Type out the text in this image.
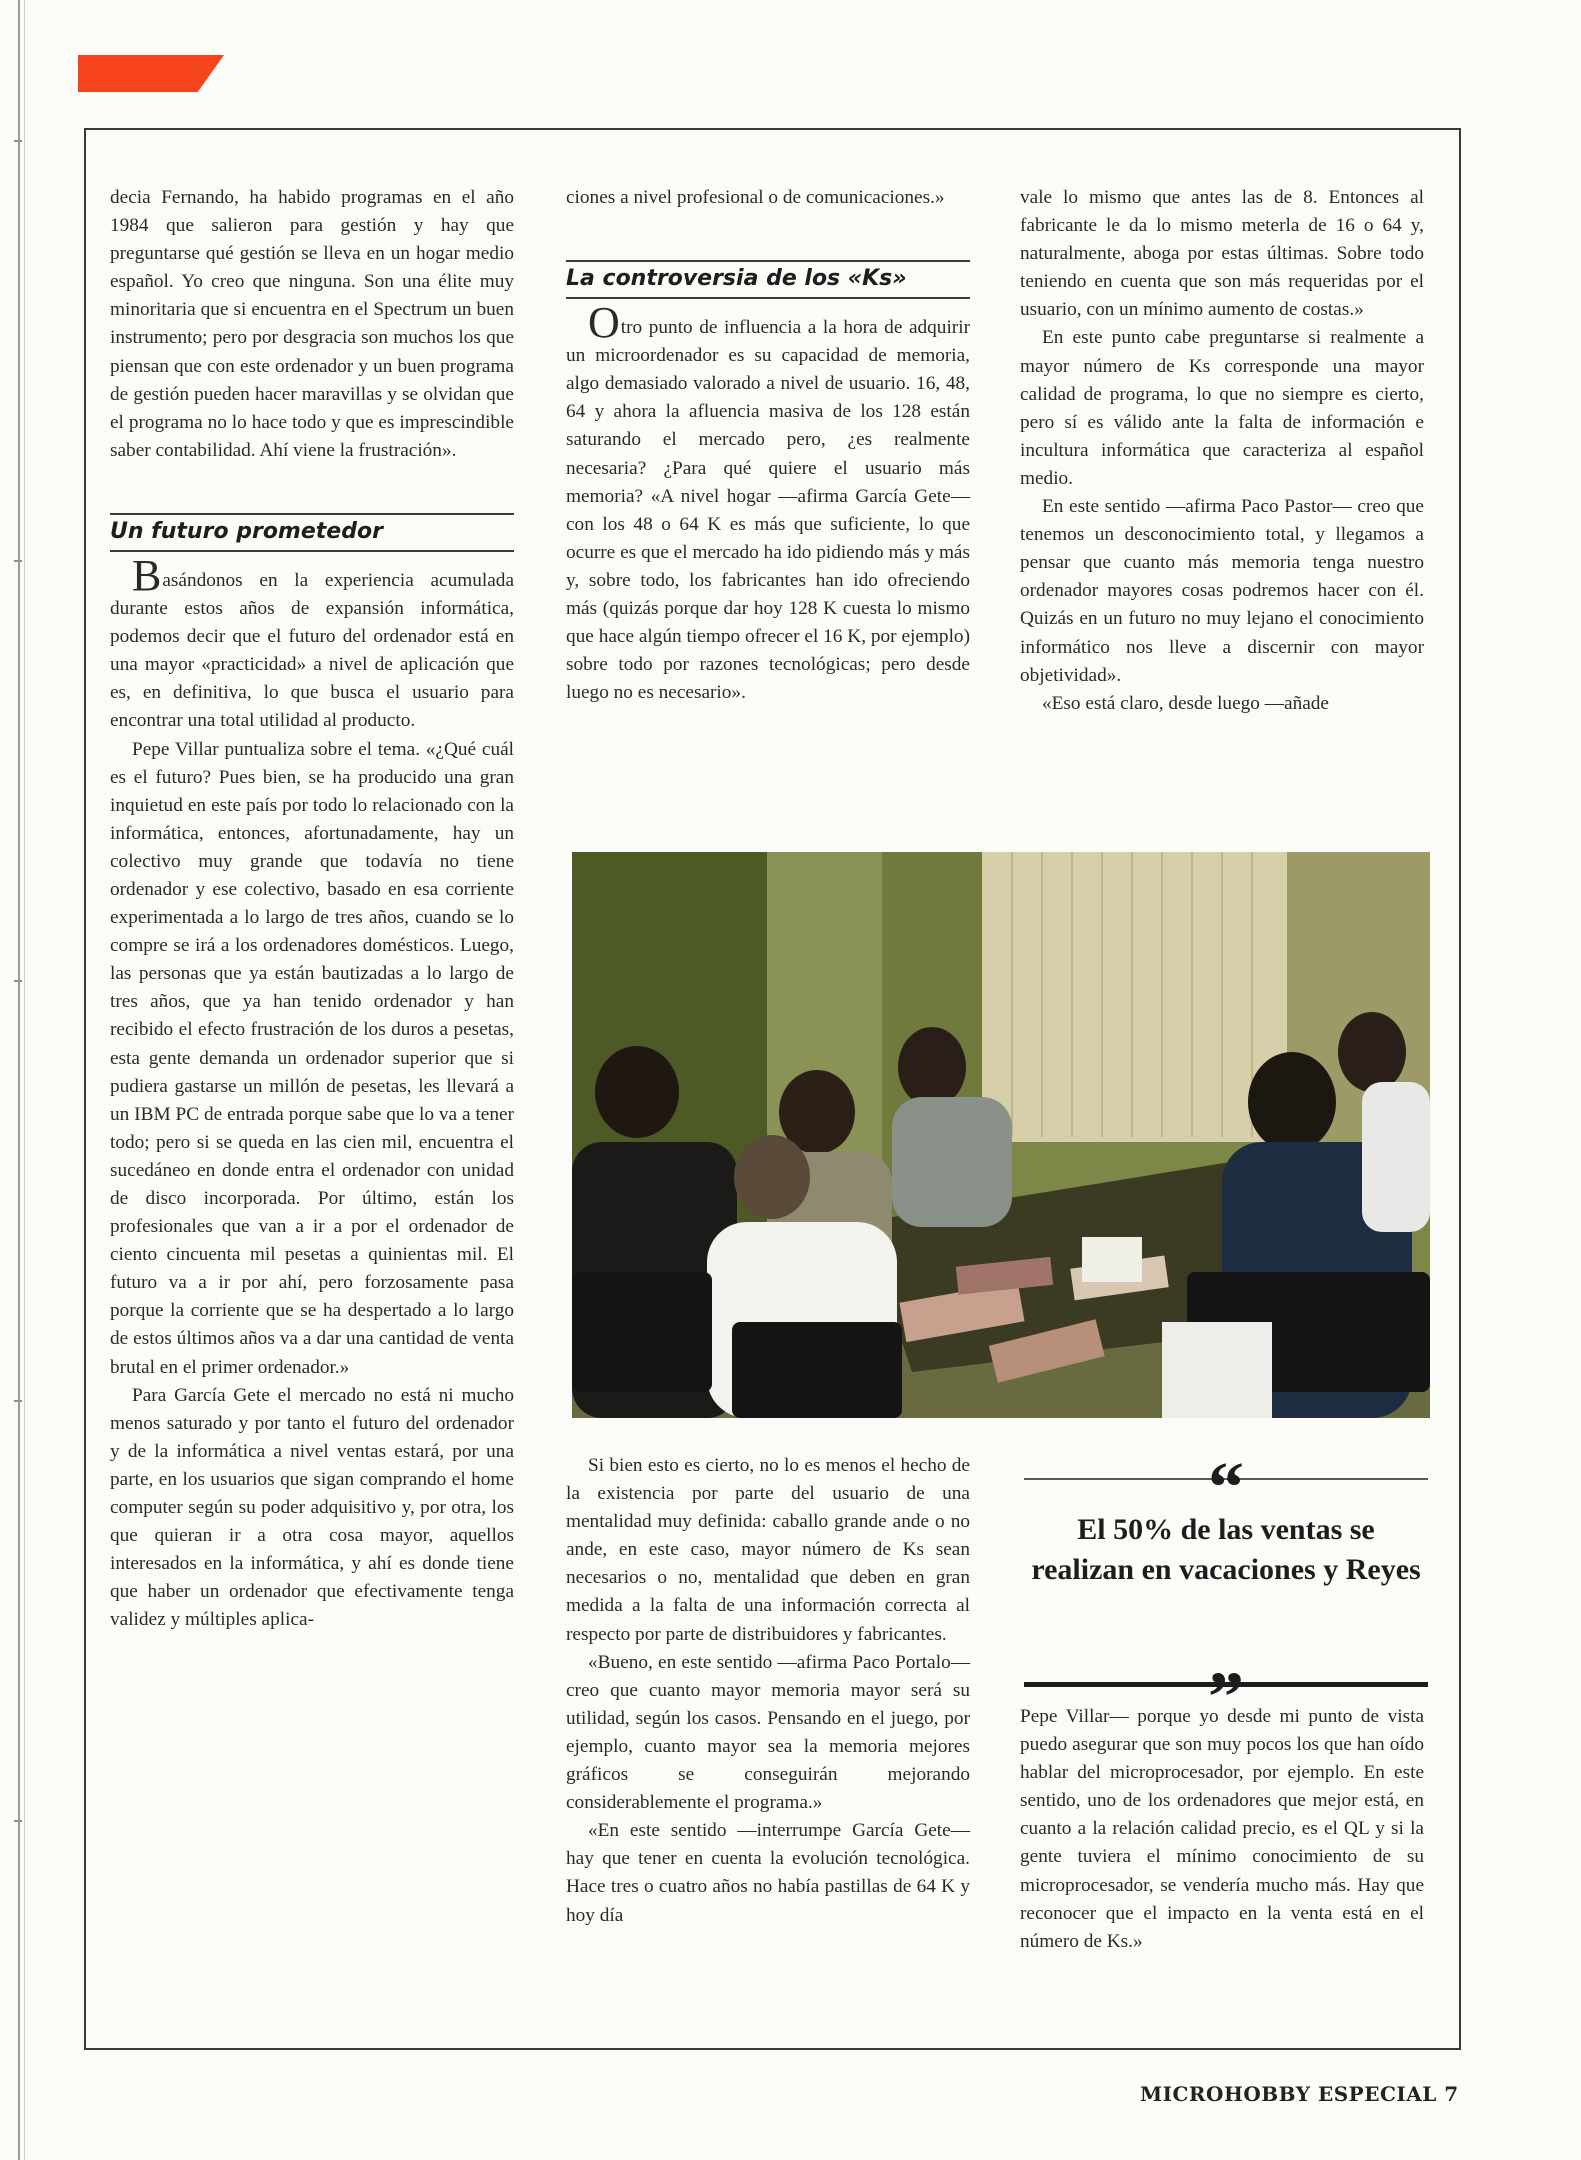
decia Fernando, ha habido programas en el año 1984 que salieron para gestión y hay que preguntarse qué gestión se lleva en un hogar medio español. Yo creo que ninguna. Son una élite muy minoritaria que si encuentra en el Spectrum un buen instrumento; pero por desgracia son muchos los que piensan que con este ordenador y un buen programa de gestión pueden hacer maravillas y se olvidan que el programa no lo hace todo y que es imprescindible saber contabilidad. Ahí viene la frustración».

Un futuro prometedor

Basándonos en la experiencia acumulada durante estos años de expansión informática, podemos decir que el futuro del ordenador está en una mayor «practicidad» a nivel de aplicación que es, en definitiva, lo que busca el usuario para encontrar una total utilidad al producto.

Pepe Villar puntualiza sobre el tema. «¿Qué cuál es el futuro? Pues bien, se ha producido una gran inquietud en este país por todo lo relacionado con la informática, entonces, afortunadamente, hay un colectivo muy grande que todavía no tiene ordenador y ese colectivo, basado en esa corriente experimentada a lo largo de tres años, cuando se lo compre se irá a los ordenadores domésticos. Luego, las personas que ya están bautizadas a lo largo de tres años, que ya han tenido ordenador y han recibido el efecto frustración de los duros a pesetas, esta gente demanda un ordenador superior que si pudiera gastarse un millón de pesetas, les llevará a un IBM PC de entrada porque sabe que lo va a tener todo; pero si se queda en las cien mil, encuentra el sucedáneo en donde entra el ordenador con unidad de disco incorporada. Por último, están los profesionales que van a ir a por el ordenador de ciento cincuenta mil pesetas a quinientas mil. El futuro va a ir por ahí, pero forzosamente pasa porque la corriente que se ha despertado a lo largo de estos últimos años va a dar una cantidad de venta brutal en el primer ordenador.»

Para García Gete el mercado no está ni mucho menos saturado y por tanto el futuro del ordenador y de la informática a nivel ventas estará, por una parte, en los usuarios que sigan comprando el home computer según su poder adquisitivo y, por otra, los que quieran ir a otra cosa mayor, aquellos interesados en la informática, y ahí es donde tiene que haber un ordenador que efectivamente tenga validez y múltiples aplica-

ciones a nivel profesional o de comunicaciones.»

La controversia de los «Ks»

Otro punto de influencia a la hora de adquirir un microordenador es su capacidad de memoria, algo demasiado valorado a nivel de usuario. 16, 48, 64 y ahora la afluencia masiva de los 128 están saturando el mercado pero, ¿es realmente necesaria? ¿Para qué quiere el usuario más memoria? «A nivel hogar —afirma García Gete— con los 48 o 64 K es más que suficiente, lo que ocurre es que el mercado ha ido pidiendo más y más y, sobre todo, los fabricantes han ido ofreciendo más (quizás porque dar hoy 128 K cuesta lo mismo que hace algún tiempo ofrecer el 16 K, por ejemplo) sobre todo por razones tecnológicas; pero desde luego no es necesario».

vale lo mismo que antes las de 8. Entonces al fabricante le da lo mismo meterla de 16 o 64 y, naturalmente, aboga por estas últimas. Sobre todo teniendo en cuenta que son más requeridas por el usuario, con un mínimo aumento de costas.»

En este punto cabe preguntarse si realmente a mayor número de Ks corresponde una mayor calidad de programa, lo que no siempre es cierto, pero sí es válido ante la falta de información e incultura informática que caracteriza al español medio.

En este sentido —afirma Paco Pastor— creo que tenemos un desconocimiento total, y llegamos a pensar que cuanto más memoria tenga nuestro ordenador mayores cosas podremos hacer con él. Quizás en un futuro no muy lejano el conocimiento informático nos lleve a discernir con mayor objetividad».

«Eso está claro, desde luego —añade

Si bien esto es cierto, no lo es menos el hecho de la existencia por parte del usuario de una mentalidad muy definida: caballo grande ande o no ande, en este caso, mayor número de Ks sean necesarios o no, mentalidad que deben en gran medida a la falta de una información correcta al respecto por parte de distribuidores y fabricantes.

«Bueno, en este sentido —afirma Paco Portalo— creo que cuanto mayor memoria mayor será su utilidad, según los casos. Pensando en el juego, por ejemplo, cuanto mayor sea la memoria mejores gráficos se conseguirán mejorando considerablemente el programa.»

«En este sentido —interrumpe García Gete— hay que tener en cuenta la evolución tecnológica. Hace tres o cuatro años no había pastillas de 64 K y hoy día

“
El 50% de las ventas se realizan en vacaciones y Reyes
”

Pepe Villar— porque yo desde mi punto de vista puedo asegurar que son muy pocos los que han oído hablar del microprocesador, por ejemplo. En este sentido, uno de los ordenadores que mejor está, en cuanto a la relación calidad precio, es el QL y si la gente tuviera el mínimo conocimiento de su microprocesador, se vendería mucho más. Hay que reconocer que el impacto en la venta está en el número de Ks.»

MICROHOBBY ESPECIAL 7
